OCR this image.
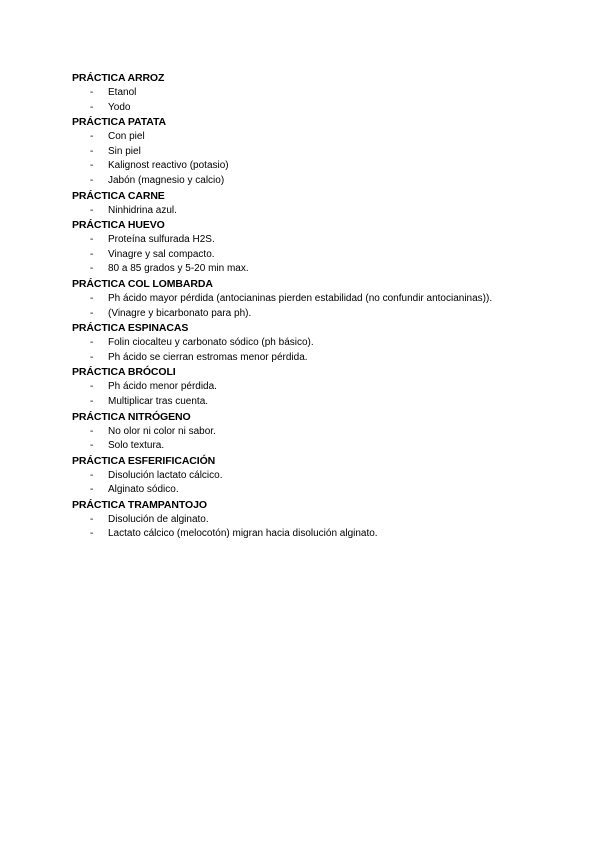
PRÁCTICA ARROZ
- Etanol
- Yodo
PRÁCTICA PATATA
- Con piel
- Sin piel
- Kalignost reactivo (potasio)
- Jabón (magnesio y calcio)
PRÁCTICA CARNE
- Ninhidrina azul.
PRÁCTICA HUEVO
- Proteína sulfurada H2S.
- Vinagre y sal compacto.
- 80 a 85 grados y 5-20 min max.
PRÁCTICA COL LOMBARDA
- Ph ácido mayor pérdida (antocianinas pierden estabilidad (no confundir antocianinas)).
- (Vinagre y bicarbonato para ph).
PRÁCTICA ESPINACAS
- Folin ciocalteu y carbonato sódico (ph básico).
- Ph ácido se cierran estromas menor pérdida.
PRÁCTICA BRÓCOLI
- Ph ácido menor pérdida.
- Multiplicar tras cuenta.
PRÁCTICA NITRÓGENO
- No olor ni color ni sabor.
- Solo textura.
PRÁCTICA ESFERIFICACIÓN
- Disolución lactato cálcico.
- Alginato sódico.
PRÁCTICA TRAMPANTOJO
- Disolución de alginato.
- Lactato cálcico (melocotón) migran hacia disolución alginato.
